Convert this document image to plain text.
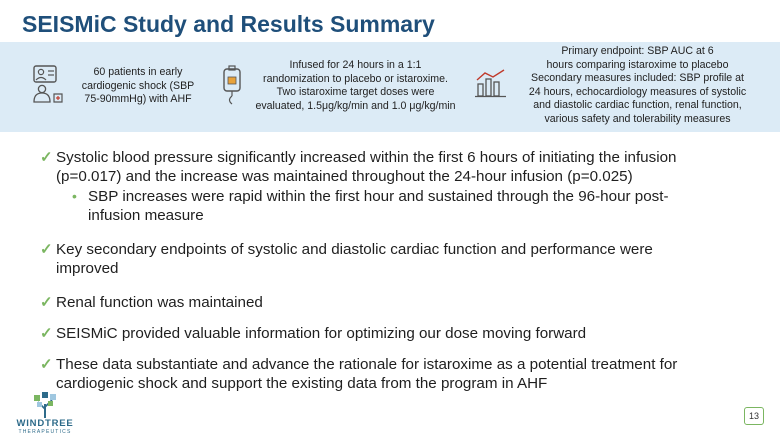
SEISMiC Study and Results Summary
60 patients in early
cardiogenic shock (SBP
75-90mmHg) with AHF
Infused for 24 hours in a 1:1
randomization to placebo or istaroxime.
Two istaroxime target doses were
evaluated, 1.5μg/kg/min and 1.0 μg/kg/min
Primary endpoint: SBP AUC at 6
hours comparing istaroxime to placebo
Secondary measures included: SBP profile at
24 hours, echocardiology measures of systolic
and diastolic cardiac function, renal function,
various safety and tolerability measures
✓ Systolic blood pressure significantly increased within the first 6 hours of initiating the infusion
(p=0.017) and the increase was maintained throughout the 24-hour infusion (p=0.025)
• SBP increases were rapid within the first hour and sustained through the 96-hour post-
infusion measure
✓ Key secondary endpoints of systolic and diastolic cardiac function and performance were
improved
✓ Renal function was maintained
✓ SEISMiC provided valuable information for optimizing our dose moving forward
✓ These data substantiate and advance the rationale for istaroxime as a potential treatment for
cardiogenic shock and support the existing data from the program in AHF
WINDTREE
THERAPEUTICS
13
